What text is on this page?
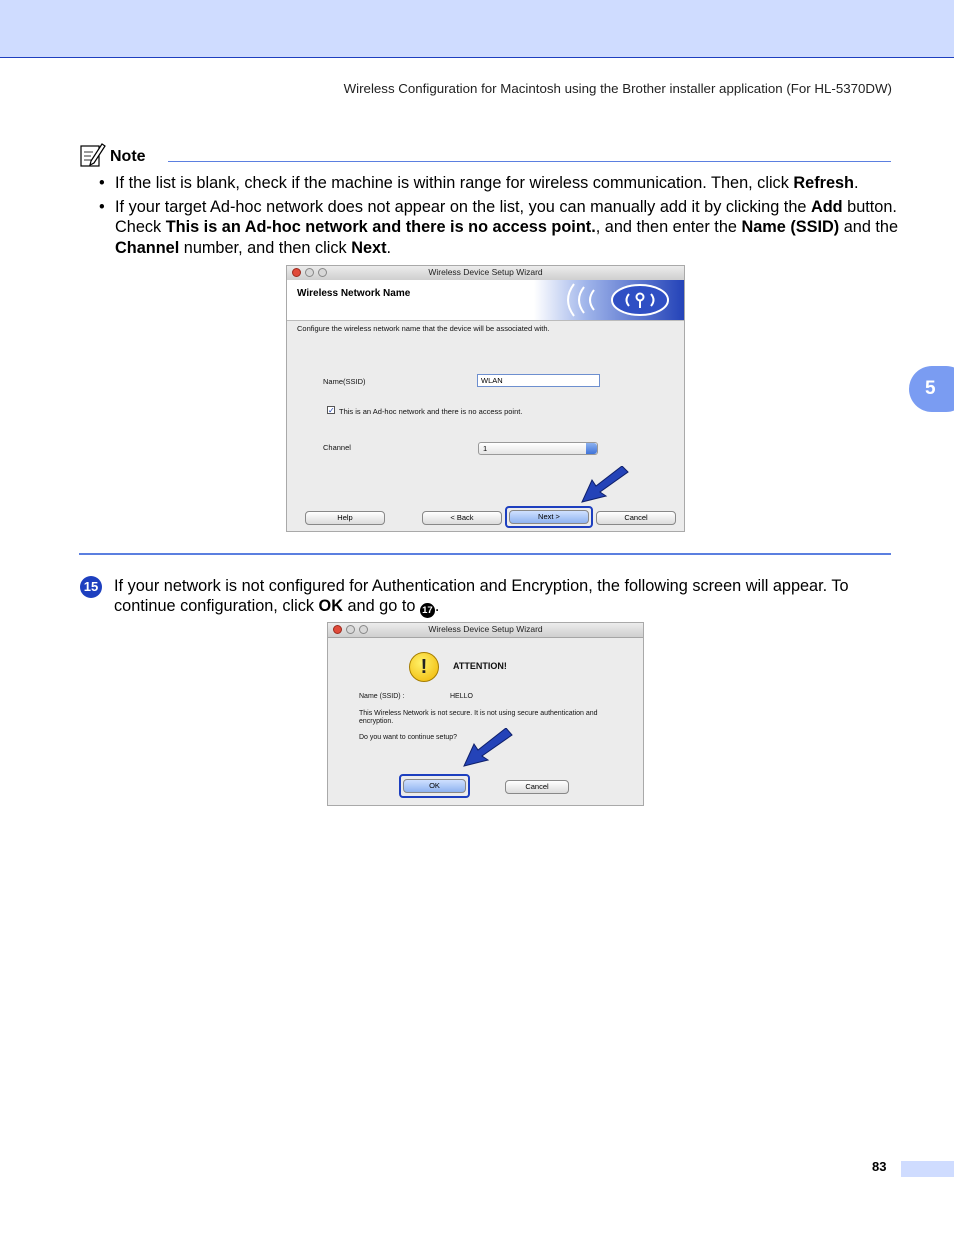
Wireless Configuration for Macintosh using the Brother installer application (For HL-5370DW)
5
Note
• If the list is blank, check if the machine is within range for wireless communication. Then, click Refresh.
• If your target Ad-hoc network does not appear on the list, you can manually add it by clicking the Add button. Check This is an Ad-hoc network and there is no access point., and then enter the Name (SSID) and the Channel number, and then click Next.
Wireless Device Setup Wizard
Wireless Network Name
Configure the wireless network name that the device will be associated with.
Name(SSID)	WLAN
✓ This is an Ad-hoc network and there is no access point.
Channel	1
Help	< Back	Next >	Cancel
15 If your network is not configured for Authentication and Encryption, the following screen will appear. To continue configuration, click OK and go to 17 .
Wireless Device Setup Wizard
!	ATTENTION!
Name (SSID) :	HELLO
This Wireless Network is not secure. It is not using secure authentication and encryption.
Do you want to continue setup?
OK	Cancel
83
